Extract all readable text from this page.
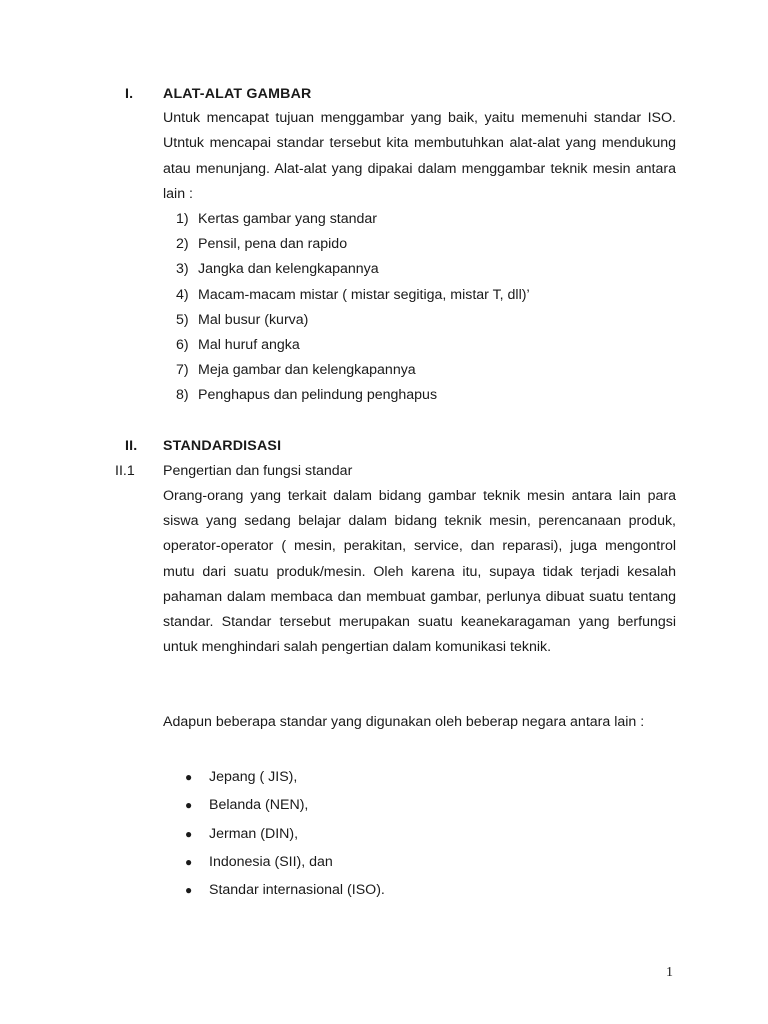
I. ALAT-ALAT GAMBAR
Untuk mencapat tujuan menggambar yang baik, yaitu memenuhi standar ISO. Utntuk mencapai standar tersebut kita membutuhkan alat-alat yang mendukung atau menunjang. Alat-alat yang dipakai dalam menggambar teknik mesin antara lain :
1) Kertas gambar yang standar
2) Pensil, pena dan rapido
3) Jangka dan kelengkapannya
4) Macam-macam mistar ( mistar segitiga, mistar T, dll)’
5) Mal busur (kurva)
6) Mal huruf angka
7) Meja gambar dan kelengkapannya
8) Penghapus dan pelindung penghapus
II. STANDARDISASI
II.1 Pengertian dan fungsi standar
Orang-orang yang terkait dalam bidang gambar teknik mesin antara lain para siswa yang sedang belajar dalam bidang teknik mesin, perencanaan produk, operator-operator ( mesin, perakitan, service, dan reparasi), juga mengontrol mutu dari suatu produk/mesin. Oleh karena itu, supaya tidak terjadi kesalah pahaman dalam membaca dan membuat gambar, perlunya dibuat suatu tentang standar. Standar tersebut merupakan suatu keanekaragaman yang berfungsi untuk menghindari salah pengertian dalam komunikasi teknik.
Adapun beberapa standar yang digunakan oleh beberap negara antara lain :
● Jepang ( JIS),
● Belanda (NEN),
● Jerman (DIN),
● Indonesia (SII), dan
● Standar internasional (ISO).
1
